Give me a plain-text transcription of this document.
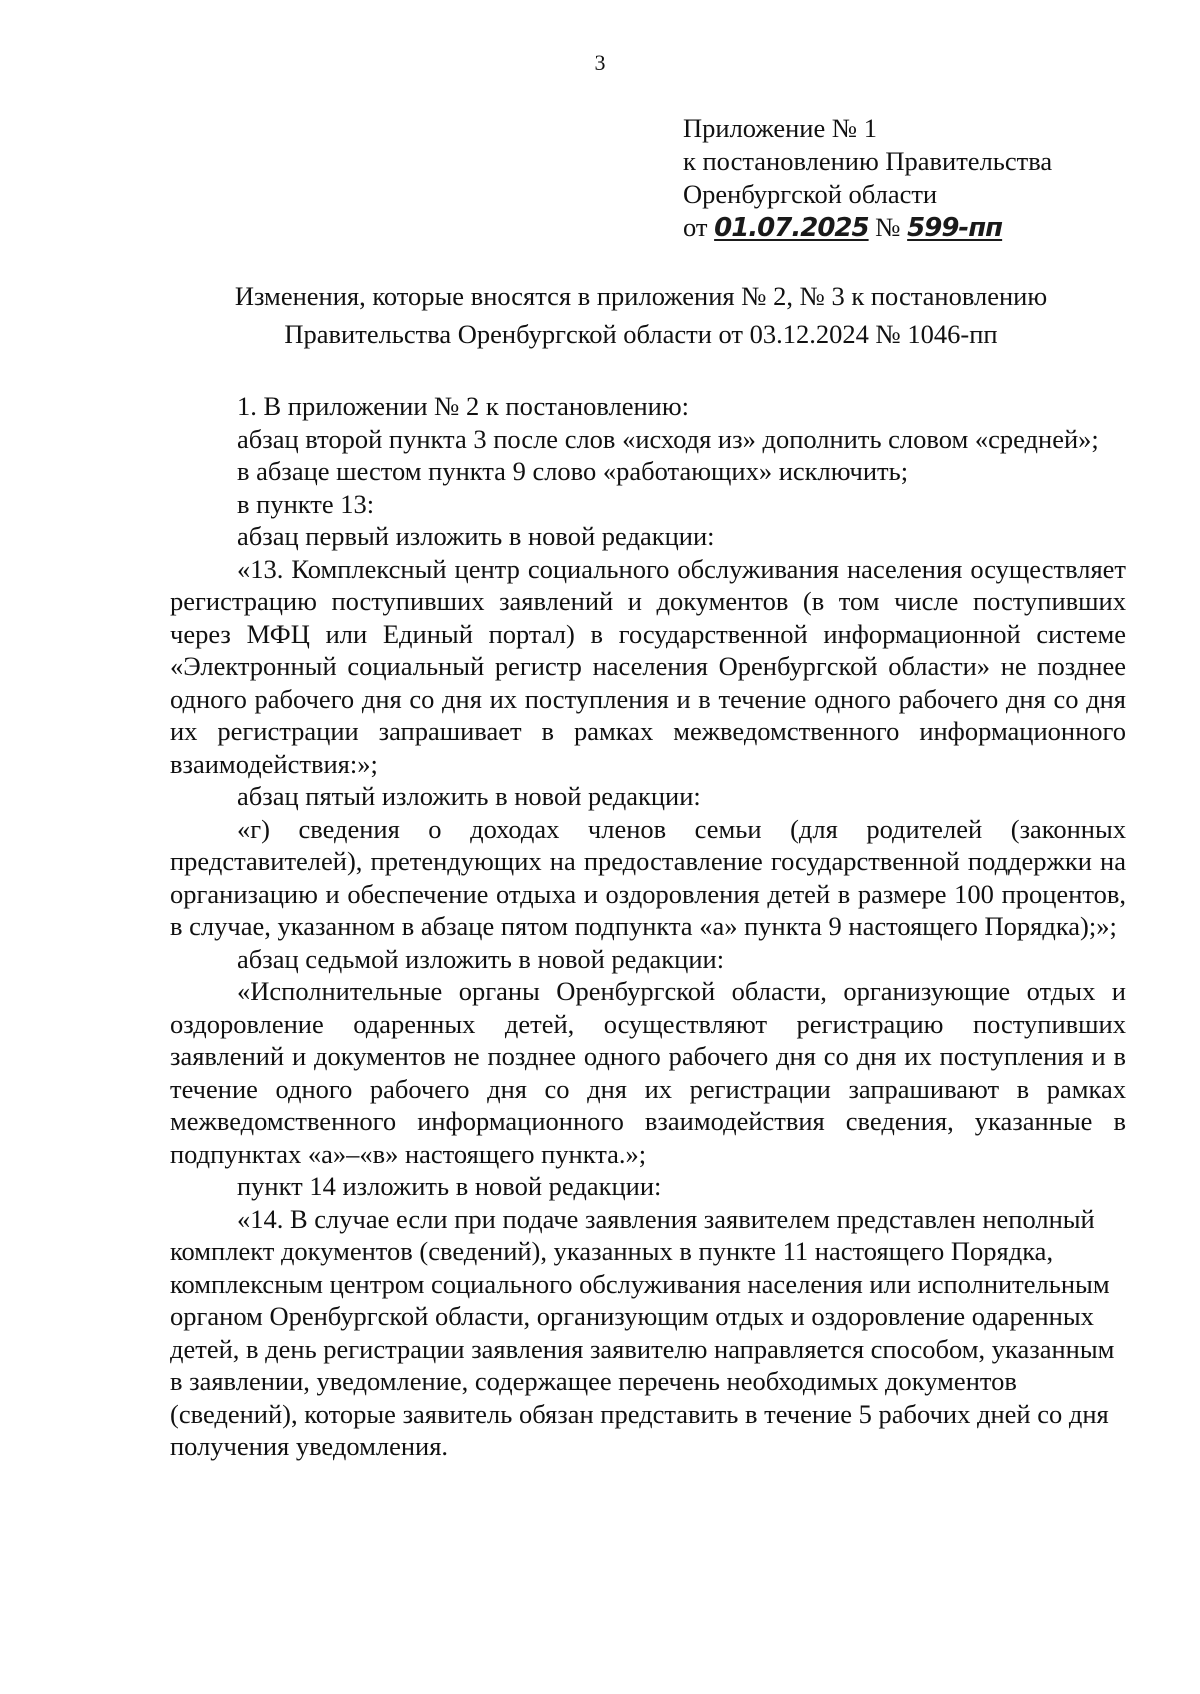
3
Приложение № 1
к постановлению Правительства
Оренбургской области
от 01.07.2025 № 599-пп
Изменения, которые вносятся в приложения № 2, № 3 к постановлению
Правительства Оренбургской области от 03.12.2024 № 1046-пп

1. В приложении № 2 к постановлению:

абзац второй пункта 3 после слов «исходя из» дополнить словом «средней»;

в абзаце шестом пункта 9 слово «работающих» исключить;

в пункте 13:

абзац первый изложить в новой редакции:

«13. Комплексный центр социального обслуживания населения осуществляет регистрацию поступивших заявлений и документов (в том числе поступивших через МФЦ или Единый портал) в государственной информационной системе «Электронный социальный регистр населения Оренбургской области» не позднее одного рабочего дня со дня их поступления и в течение одного рабочего дня со дня их регистрации запрашивает в рамках межведомственного информационного взаимодействия:»;

абзац пятый изложить в новой редакции:

«г) сведения о доходах членов семьи (для родителей (законных представителей), претендующих на предоставление государственной поддержки на организацию и обеспечение отдыха и оздоровления детей в размере 100 процентов, в случае, указанном в абзаце пятом подпункта «а» пункта 9 настоящего Порядка);»;

абзац седьмой изложить в новой редакции:

«Исполнительные органы Оренбургской области, организующие отдых и оздоровление одаренных детей, осуществляют регистрацию поступивших заявлений и документов не позднее одного рабочего дня со дня их поступления и в течение одного рабочего дня со дня их регистрации запрашивают в рамках межведомственного информационного взаимодействия сведения, указанные в подпунктах «а»–«в» настоящего пункта.»;

пункт 14 изложить в новой редакции:

«14. В случае если при подаче заявления заявителем представлен неполный комплект документов (сведений), указанных в пункте 11 настоящего Порядка, комплексным центром социального обслуживания населения или исполнительным органом Оренбургской области, организующим отдых и оздоровление одаренных детей, в день регистрации заявления заявителю направляется способом, указанным в заявлении, уведомление, содержащее перечень необходимых документов (сведений), которые заявитель обязан представить в течение 5 рабочих дней со дня получения уведомления.
